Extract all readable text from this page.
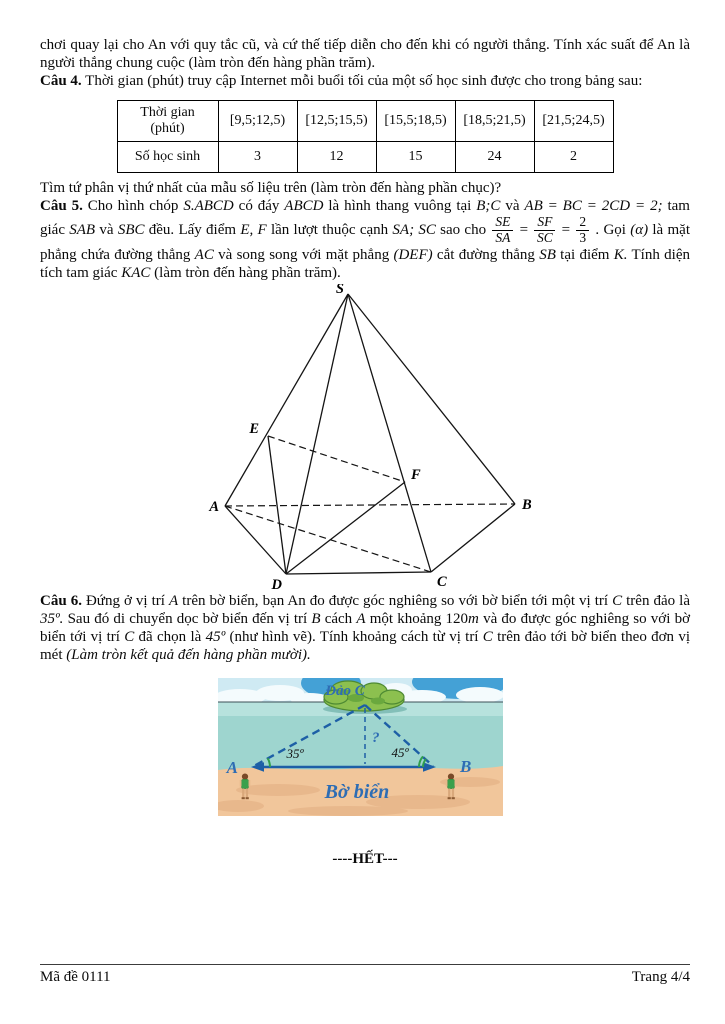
chơi quay lại cho An với quy tắc cũ, và cứ thế tiếp diễn cho đến khi có người thắng. Tính xác suất để An là người thắng chung cuộc (làm tròn đến hàng phần trăm).

Câu 4. Thời gian (phút) truy cập Internet mỗi buổi tối của một số học sinh được cho trong bảng sau:

Thời gian (phút)	[9,5;12,5)	[12,5;15,5)	[15,5;18,5)	[18,5;21,5)	[21,5;24,5)
Số học sinh	3	12	15	24	2

Tìm tứ phân vị thứ nhất của mẫu số liệu trên (làm tròn đến hàng phần chục)?

Câu 5. Cho hình chóp S.ABCD có đáy ABCD là hình thang vuông tại B;C và AB = BC = 2CD = 2; tam giác SAB và SBC đều. Lấy điểm E, F lần lượt thuộc cạnh SA; SC sao cho $\frac{SE}{SA} = \frac{SF}{SC} = \frac{2}{3}$ . Gọi (α) là mặt phẳng chứa đường thẳng AC và song song với mặt phẳng (DEF) cắt đường thẳng SB tại điểm K. Tính diện tích tam giác KAC (làm tròn đến hàng phần trăm).

S
A	B
C
D
E
F

Câu 6. Đứng ở vị trí A trên bờ biển, bạn An đo được góc nghiêng so với bờ biển tới một vị trí C trên đảo là 35º. Sau đó di chuyển dọc bờ biển đến vị trí B cách A một khoảng 120m và đo được góc nghiêng so với bờ biển tới vị trí C đã chọn là 45º (như hình vẽ). Tính khoảng cách từ vị trí C trên đảo tới bờ biển theo đơn vị mét (Làm tròn kết quả đến hàng phần mười).

Đảo C
?
35º	45º
A	B
Bờ biển

----HẾT---

Mã đề 0111	Trang 4/4
